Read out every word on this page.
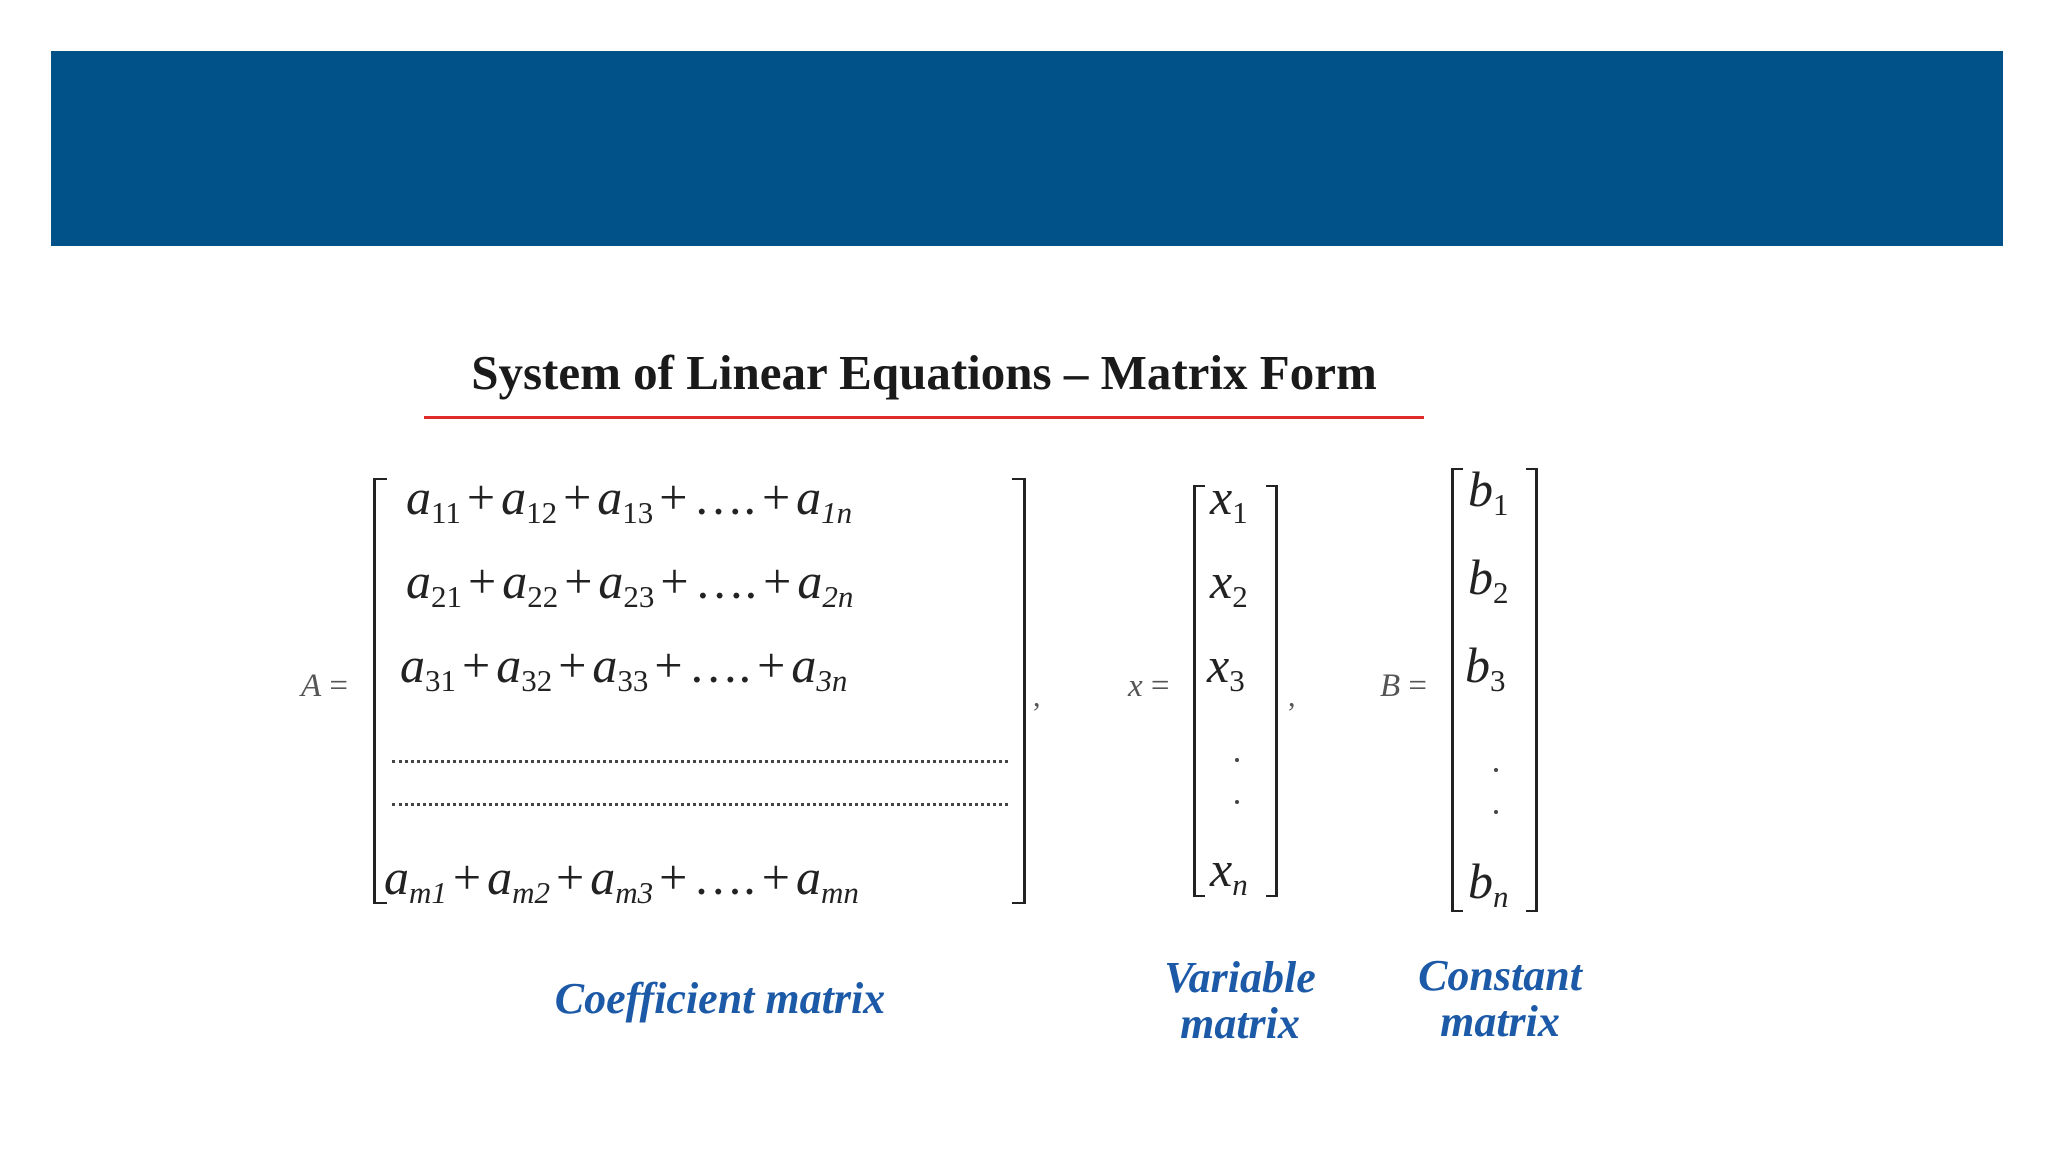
System of Linear Equations – Matrix Form
A =
$a_{11} + a_{12} + a_{13}$ + …. + $a_{1n}$
$a_{21} + a_{22} + a_{23}$ + …. + $a_{2n}$
$a_{31} + a_{32} + a_{33}$ + …. + $a_{3n}$
$a_{m1} + a_{m2} + a_{m3}$ + …. + $a_{mn}$
,	x =
$x_1$
$x_2$
$x_3$
$x_n$
,	B =
$b_1$
$b_2$
$b_3$
$b_n$
Coefficient matrix	Variable
matrix
Constant
matrix
